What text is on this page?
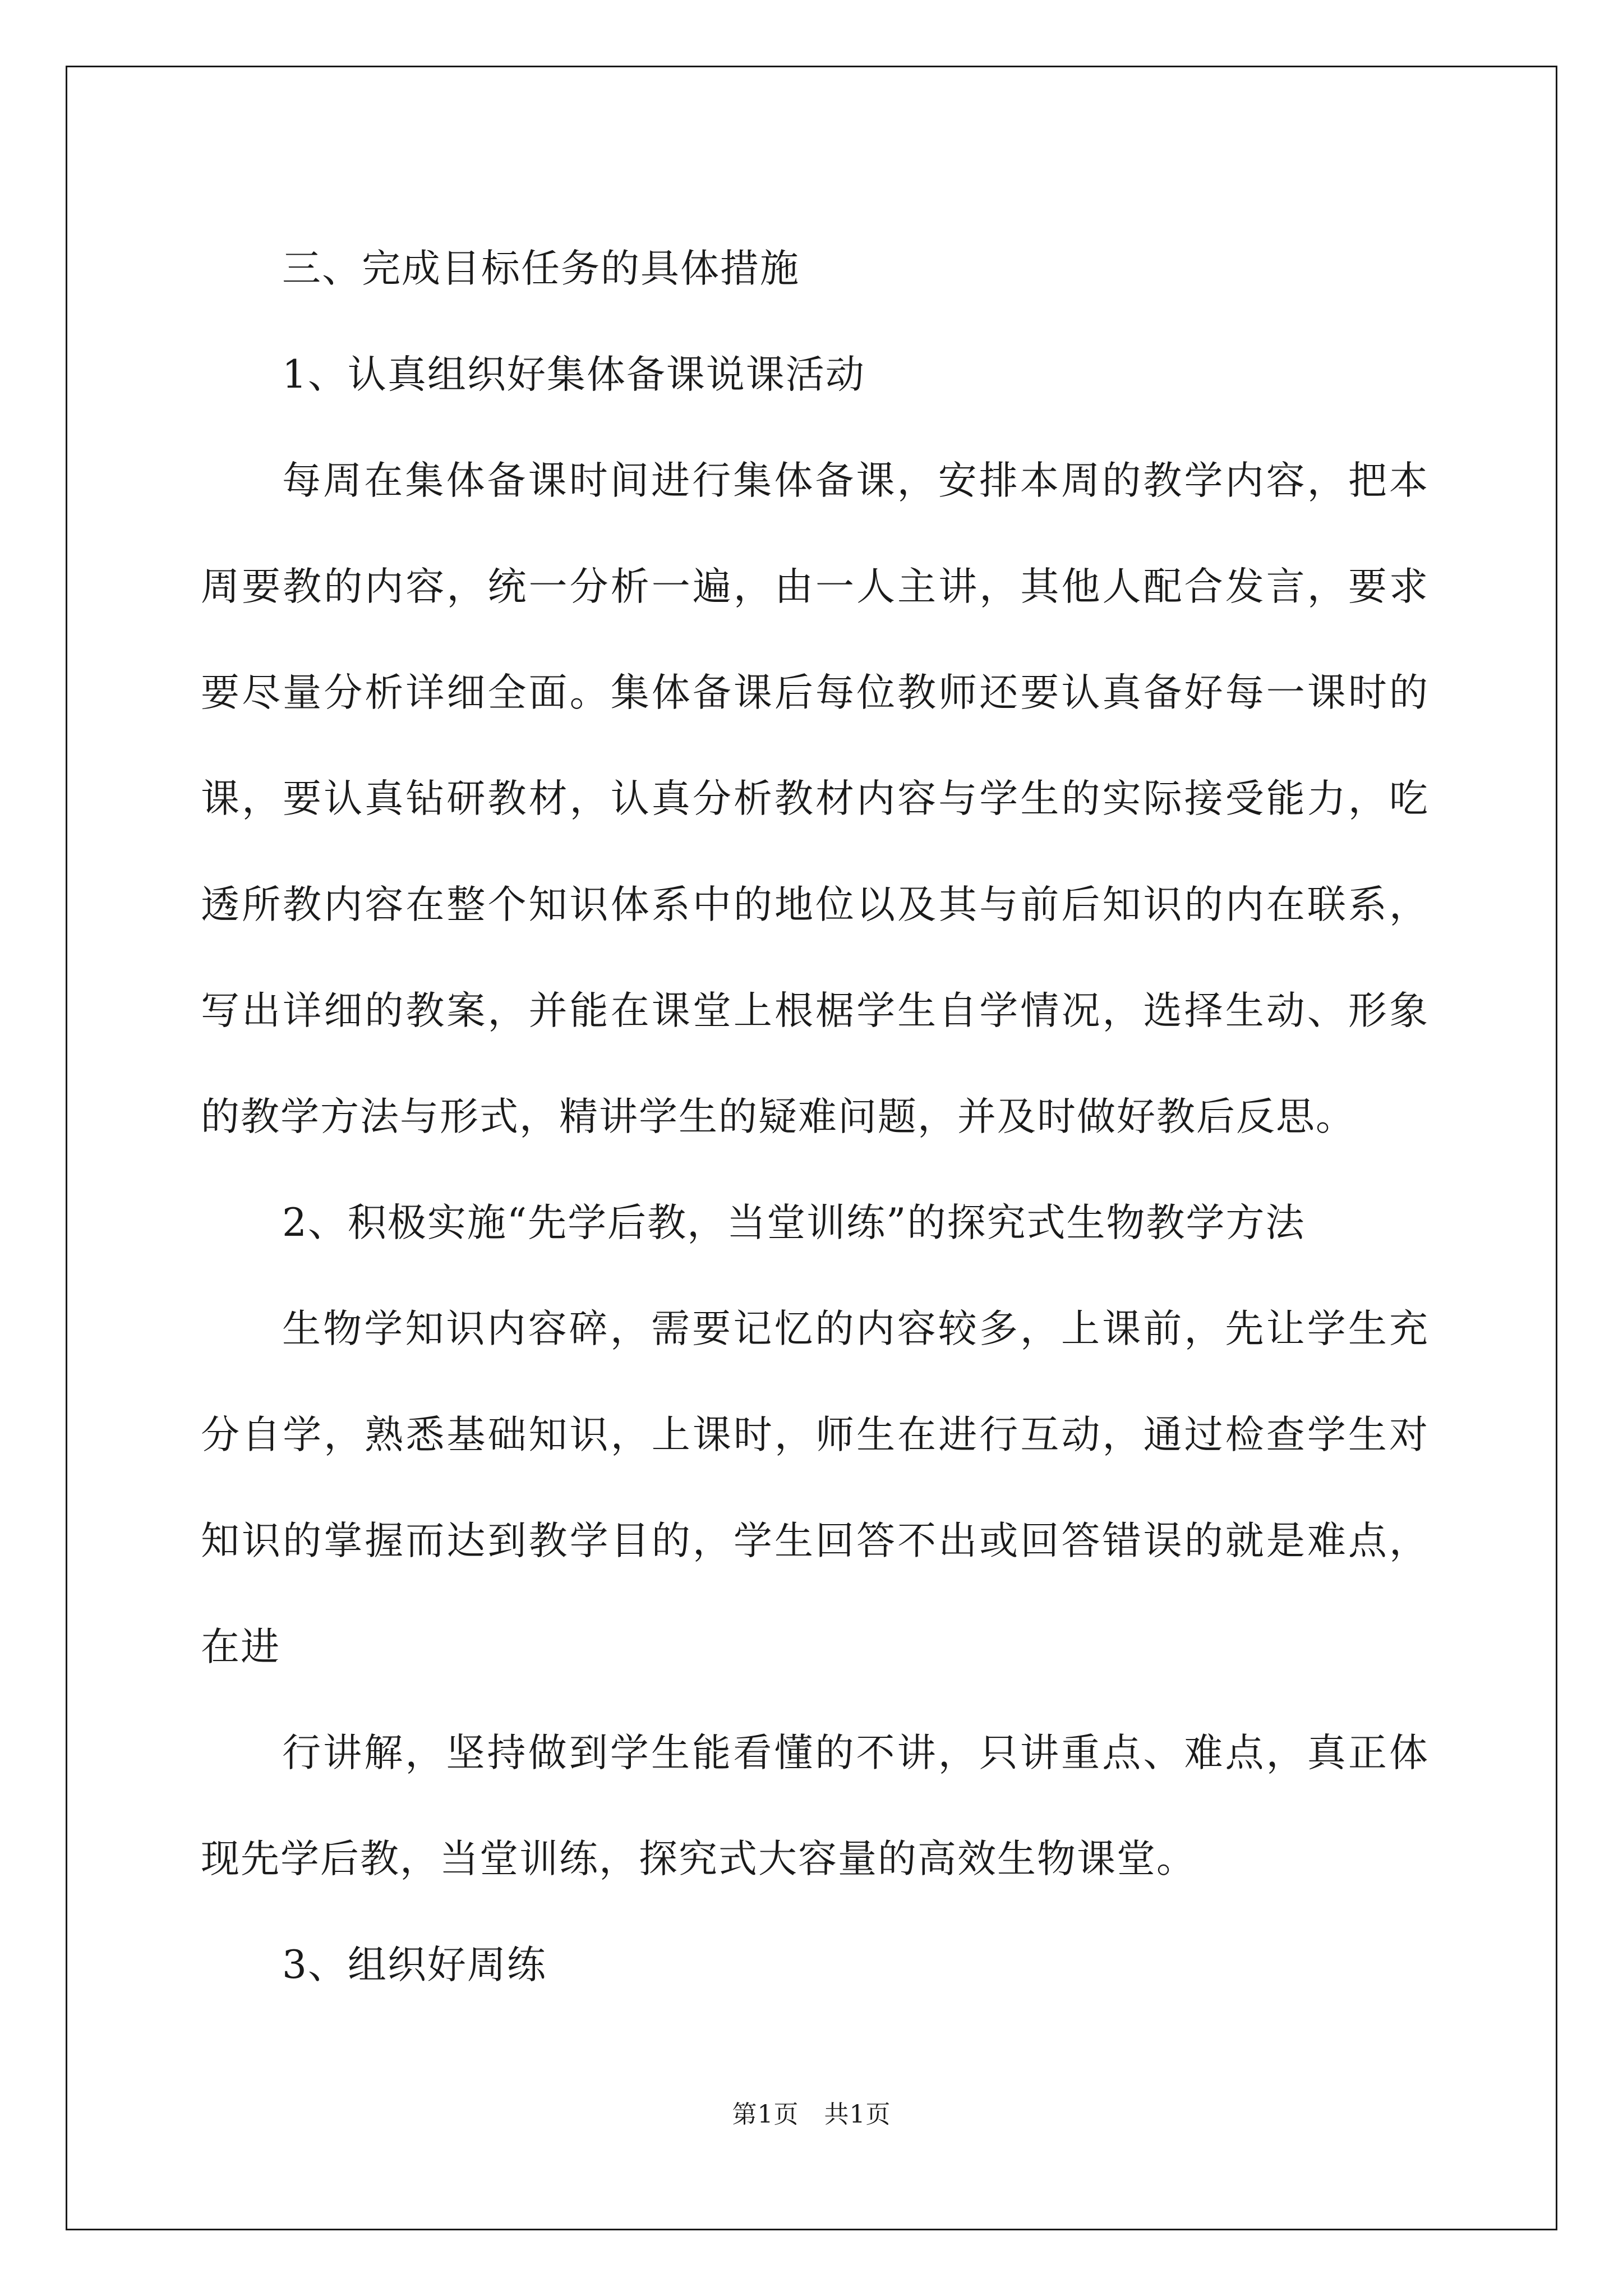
三、完成目标任务的具体措施

1、认真组织好集体备课说课活动

每周在集体备课时间进行集体备课，安排本周的教学内容，把本周要教的内容，统一分析一遍，由一人主讲，其他人配合发言，要求要尽量分析详细全面。集体备课后每位教师还要认真备好每一课时的课，要认真钻研教材，认真分析教材内容与学生的实际接受能力，吃透所教内容在整个知识体系中的地位以及其与前后知识的内在联系，写出详细的教案，并能在课堂上根椐学生自学情况，选择生动、形象的教学方法与形式，精讲学生的疑难问题，并及时做好教后反思。

2、积极实施“先学后教，当堂训练”的探究式生物教学方法

生物学知识内容碎，需要记忆的内容较多，上课前，先让学生充分自学，熟悉基础知识，上课时，师生在进行互动，通过检查学生对知识的掌握而达到教学目的，学生回答不出或回答错误的就是难点，在进

行讲解，坚持做到学生能看懂的不讲，只讲重点、难点，真正体现先学后教，当堂训练，探究式大容量的高效生物课堂。

3、组织好周练

第1页　共1页
